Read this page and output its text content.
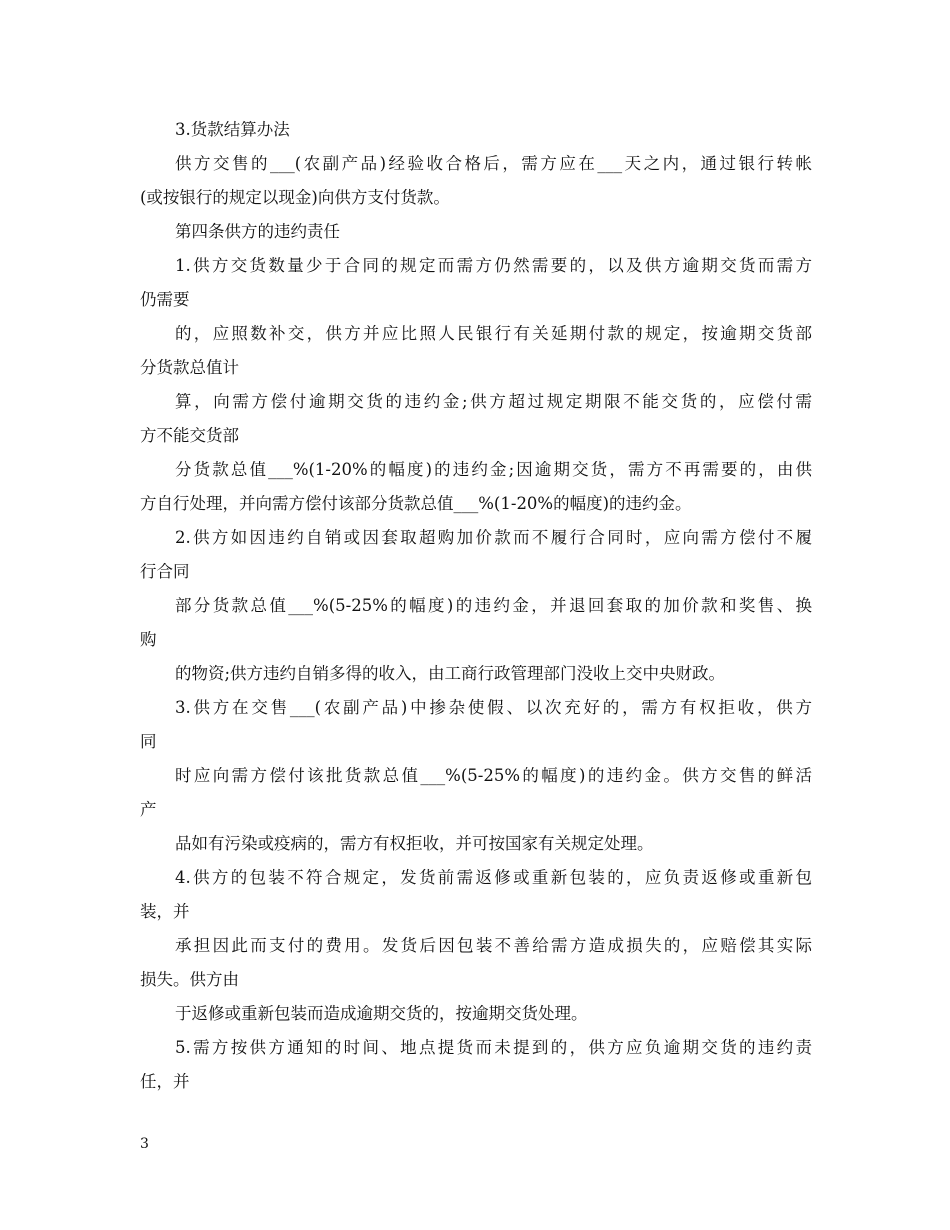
3.货款结算办法
供方交售的___(农副产品)经验收合格后，需方应在___天之内，通过银行转帐
(或按银行的规定以现金)向供方支付货款。
第四条供方的违约责任
1.供方交货数量少于合同的规定而需方仍然需要的，以及供方逾期交货而需方
仍需要
的，应照数补交，供方并应比照人民银行有关延期付款的规定，按逾期交货部
分货款总值计
算，向需方偿付逾期交货的违约金;供方超过规定期限不能交货的，应偿付需
方不能交货部
分货款总值___%(1-20%的幅度)的违约金;因逾期交货，需方不再需要的，由供
方自行处理，并向需方偿付该部分货款总值___%(1-20%的幅度)的违约金。
2.供方如因违约自销或因套取超购加价款而不履行合同时，应向需方偿付不履
行合同
部分货款总值___%(5-25%的幅度)的违约金，并退回套取的加价款和奖售、换
购
的物资;供方违约自销多得的收入，由工商行政管理部门没收上交中央财政。
3.供方在交售___(农副产品)中掺杂使假、以次充好的，需方有权拒收，供方
同
时应向需方偿付该批货款总值___%(5-25%的幅度)的违约金。供方交售的鲜活
产
品如有污染或疫病的，需方有权拒收，并可按国家有关规定处理。
4.供方的包装不符合规定，发货前需返修或重新包装的，应负责返修或重新包
装，并
承担因此而支付的费用。发货后因包装不善给需方造成损失的，应赔偿其实际
损失。供方由
于返修或重新包装而造成逾期交货的，按逾期交货处理。
5.需方按供方通知的时间、地点提货而未提到的，供方应负逾期交货的违约责
任，并
3
